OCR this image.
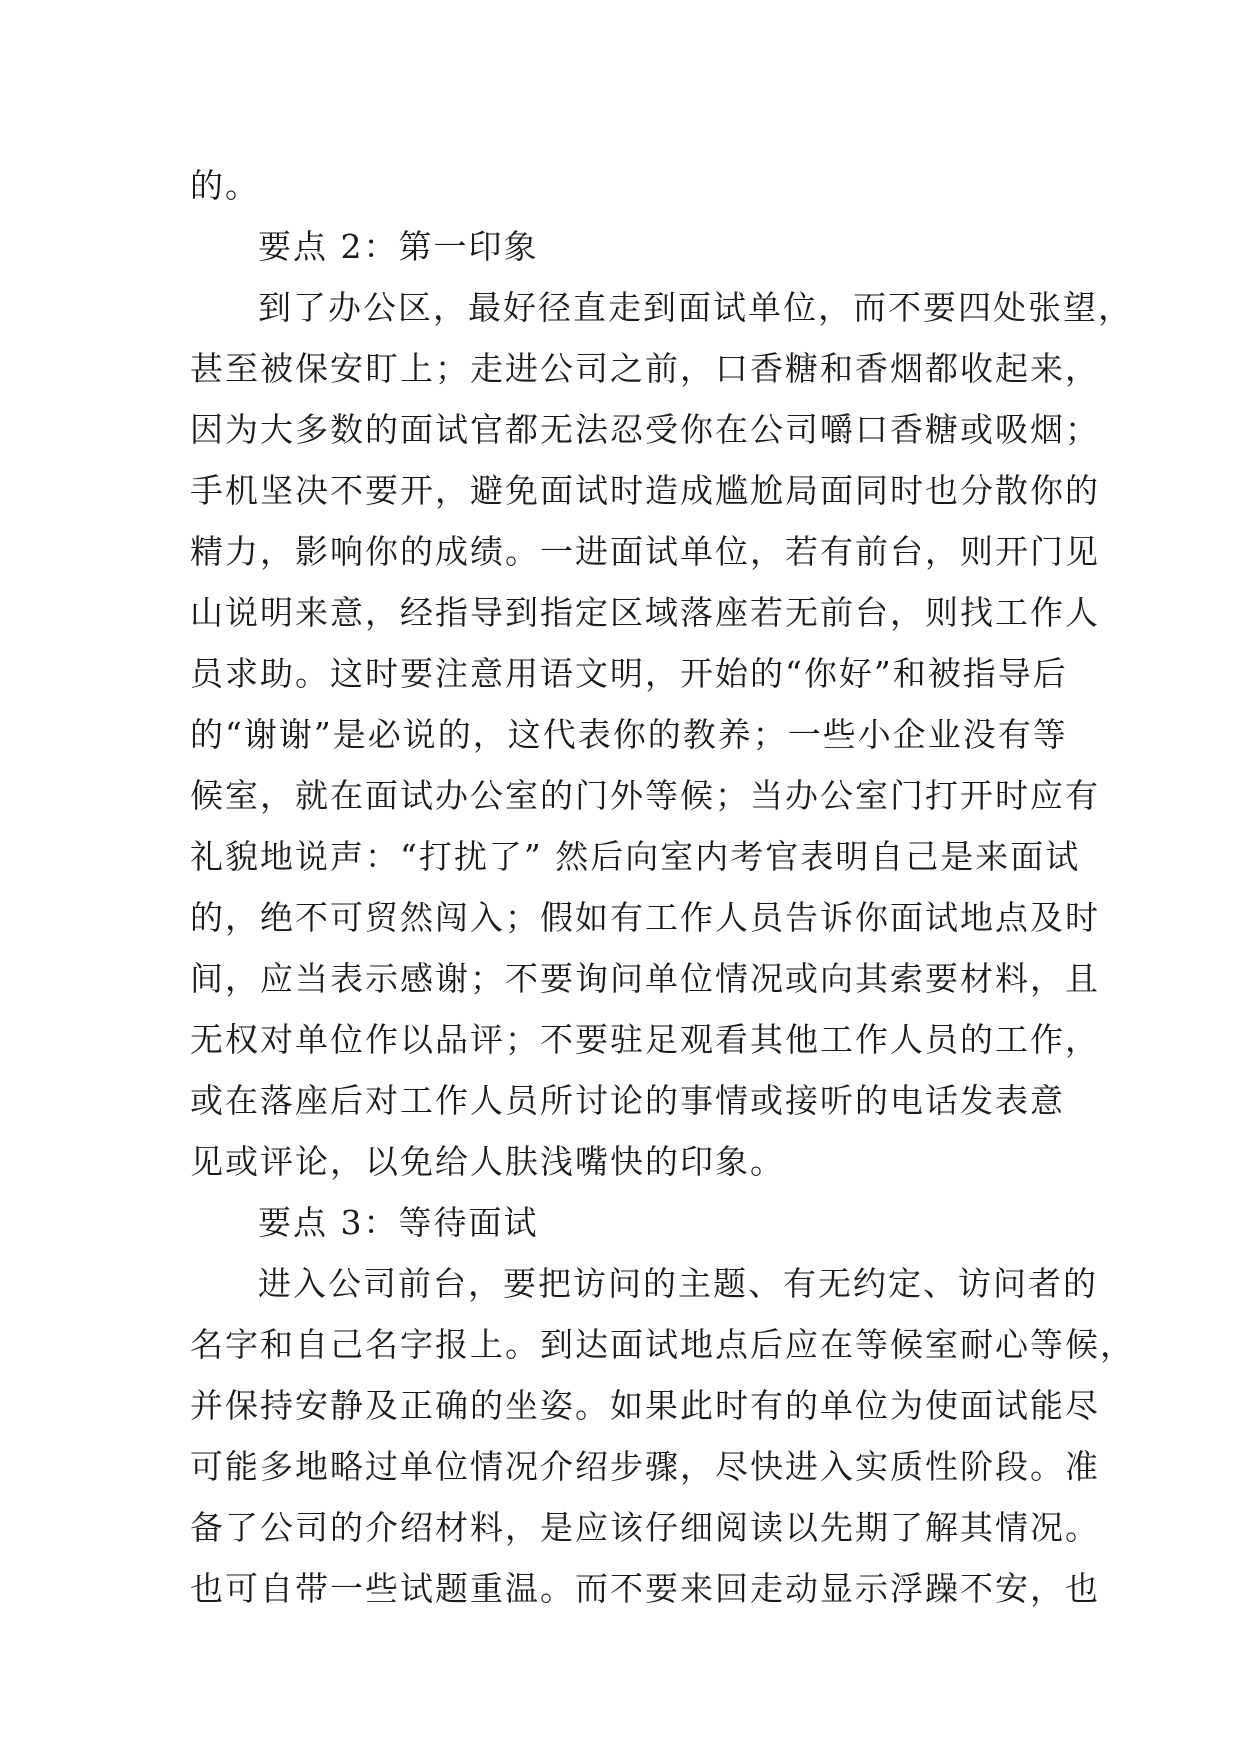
的。
要点 2：第一印象
到了办公区，最好径直走到面试单位，而不要四处张望，
甚至被保安盯上；走进公司之前，口香糖和香烟都收起来，
因为大多数的面试官都无法忍受你在公司嚼口香糖或吸烟；
手机坚决不要开，避免面试时造成尴尬局面同时也分散你的
精力，影响你的成绩。一进面试单位，若有前台，则开门见
山说明来意，经指导到指定区域落座若无前台，则找工作人
员求助。这时要注意用语文明，开始的“你好”和被指导后
的“谢谢”是必说的，这代表你的教养；一些小企业没有等
候室，就在面试办公室的门外等候；当办公室门打开时应有
礼貌地说声：“打扰了” 然后向室内考官表明自己是来面试
的，绝不可贸然闯入；假如有工作人员告诉你面试地点及时
间，应当表示感谢；不要询问单位情况或向其索要材料，且
无权对单位作以品评；不要驻足观看其他工作人员的工作，
或在落座后对工作人员所讨论的事情或接听的电话发表意
见或评论，以免给人肤浅嘴快的印象。
要点 3：等待面试
进入公司前台，要把访问的主题、有无约定、访问者的
名字和自己名字报上。到达面试地点后应在等候室耐心等候，
并保持安静及正确的坐姿。如果此时有的单位为使面试能尽
可能多地略过单位情况介绍步骤，尽快进入实质性阶段。准
备了公司的介绍材料，是应该仔细阅读以先期了解其情况。
也可自带一些试题重温。而不要来回走动显示浮躁不安，也
